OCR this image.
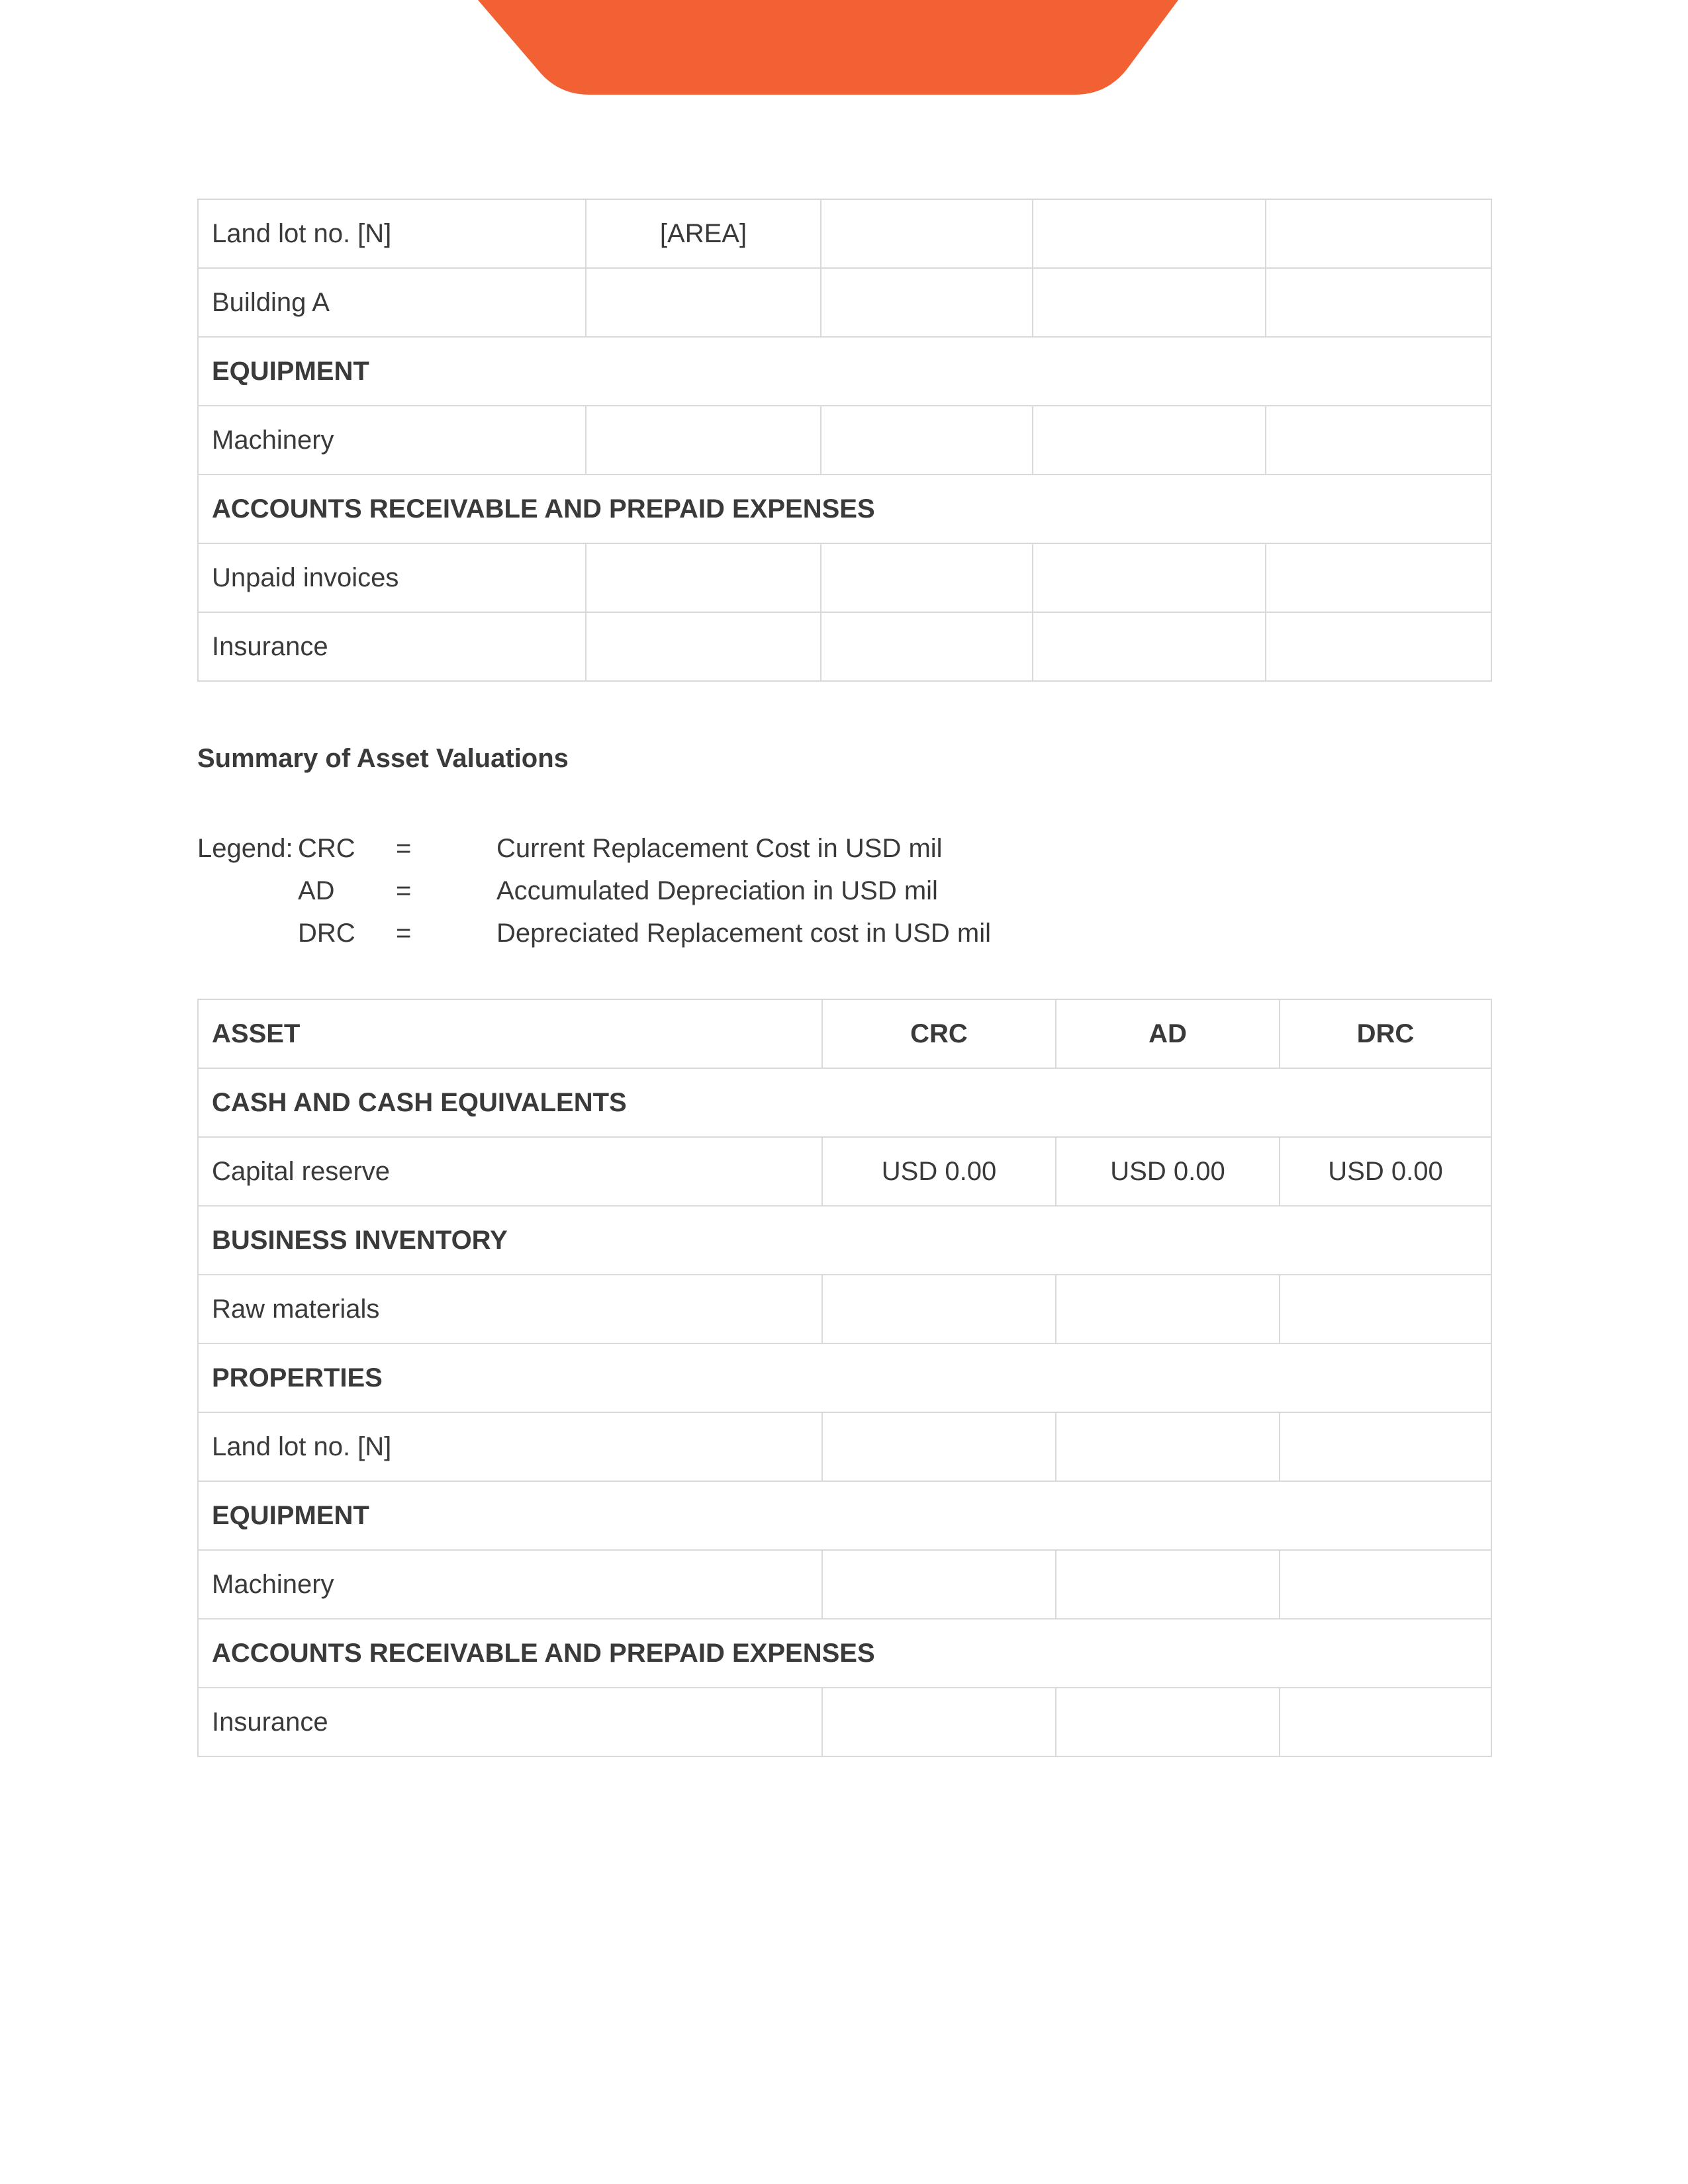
Land lot no. [N]	[AREA]			
Building A				
EQUIPMENT				
Machinery				
ACCOUNTS RECEIVABLE AND PREPAID EXPENSES				
Unpaid invoices				
Insurance				
Summary of Asset Valuations
Legend: CRC =	Current Replacement Cost in USD mil
AD =	Accumulated Depreciation in USD mil
DRC =	Depreciated Replacement cost in USD mil
ASSET	CRC	AD	DRC
CASH AND CASH EQUIVALENTS			
Capital reserve	USD 0.00	USD 0.00	USD 0.00
BUSINESS INVENTORY			
Raw materials			
PROPERTIES			
Land lot no. [N]			
EQUIPMENT			
Machinery			
ACCOUNTS RECEIVABLE AND PREPAID EXPENSES			
Insurance			
